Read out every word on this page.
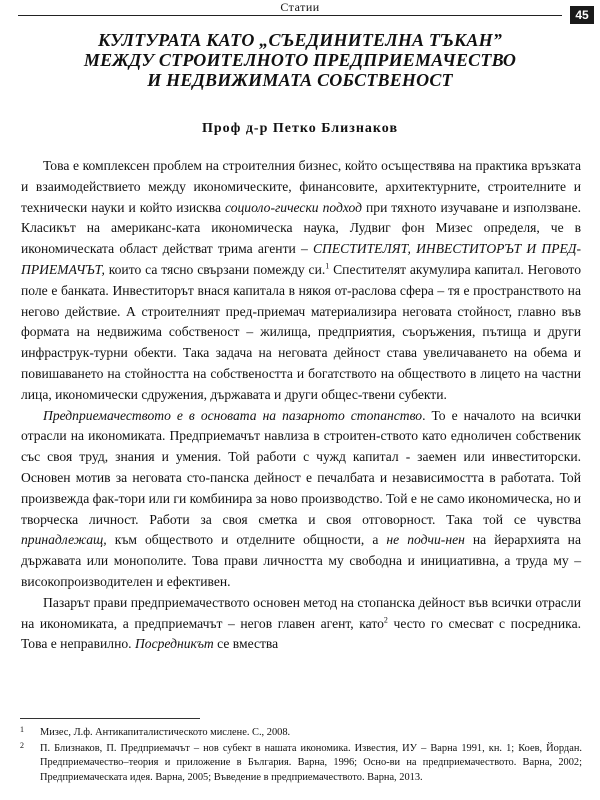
Статии
45
КУЛТУРАТА КАТО „СЪЕДИНИТЕЛНА ТЪКАН”
МЕЖДУ СТРОИТЕЛНОТО ПРЕДПРИЕМАЧЕСТВО
И НЕДВИЖИМАТА СОБСТВЕНОСТ
Проф д-р Петко Близнаков

Това е комплексен проблем на строителния бизнес, който осъществява на практика връзката и взаимодействието между икономическите, финансовите, архитектурните, строителните и технически науки и който изисква социоло-гически подход при тяхното изучаване и използване. Класикът на американс-ката икономическа наука, Лудвиг фон Мизес определя, че в икономическата област действат трима агенти – СПЕСТИТЕЛЯТ, ИНВЕСТИТОРЪТ И ПРЕД-ПРИЕМАЧЪТ, които са тясно свързани помежду си.$^1$ Спестителят акумулира капитал. Неговото поле е банката. Инвеститорът внася капитала в някоя от-раслова сфера – тя е пространството на негово действие. А строителният пред-приемач материализира неговата стойност, главно във формата на недвижима собственост – жилища, предприятия, съоръжения, пътища и други инфраструк-турни обекти. Така задача на неговата дейност става увеличаването на обема и повишаването на стойността на собствеността и богатството на обществото в лицето на частни лица, икономически сдружения, държавата и други общес-твени субекти.

Предприемачеството е в основата на пазарното стопанство. То е началото на всички отрасли на икономиката. Предприемачът навлиза в строитен-ството като едноличен собственик със своя труд, знания и умения. Той работи с чужд капитал - заемен или инвеститорски. Основен мотив за неговата сто-панска дейност е печалбата и независимостта в работата. Той произвежда фак-тори или ги комбинира за ново производство. Той е не само икономическа, но и творческа личност. Работи за своя сметка и своя отговорност. Така той се чувства принадлежащ, към обществото и отделните общности, а не подчи-нен на йерархията на държавата или монополите. Това прави личността му свободна и инициативна, а труда му – високопроизводителен и ефективен.

Пазарът прави предприемачеството основен метод на стопанска дейност във всички отрасли на икономиката, а предприемачът – негов главен агент, като$^2$ често го смесват с посредника. Това е неправилно. Посредникът се вмества

1 Мизес, Л.ф. Антикапиталистическото мислене. С., 2008.
2 П. Близнаков, П. Предприемачът – нов субект в нашата икономика. Известия, ИУ – Варна 1991, кн. 1; Коев, Йордан. Предприемачество–теория и приложение в България. Варна, 1996; Осно-ви на предприемачеството. Варна, 2002; Предприемаческата идея. Варна, 2005; Въведение в предприемачеството. Варна, 2013.
